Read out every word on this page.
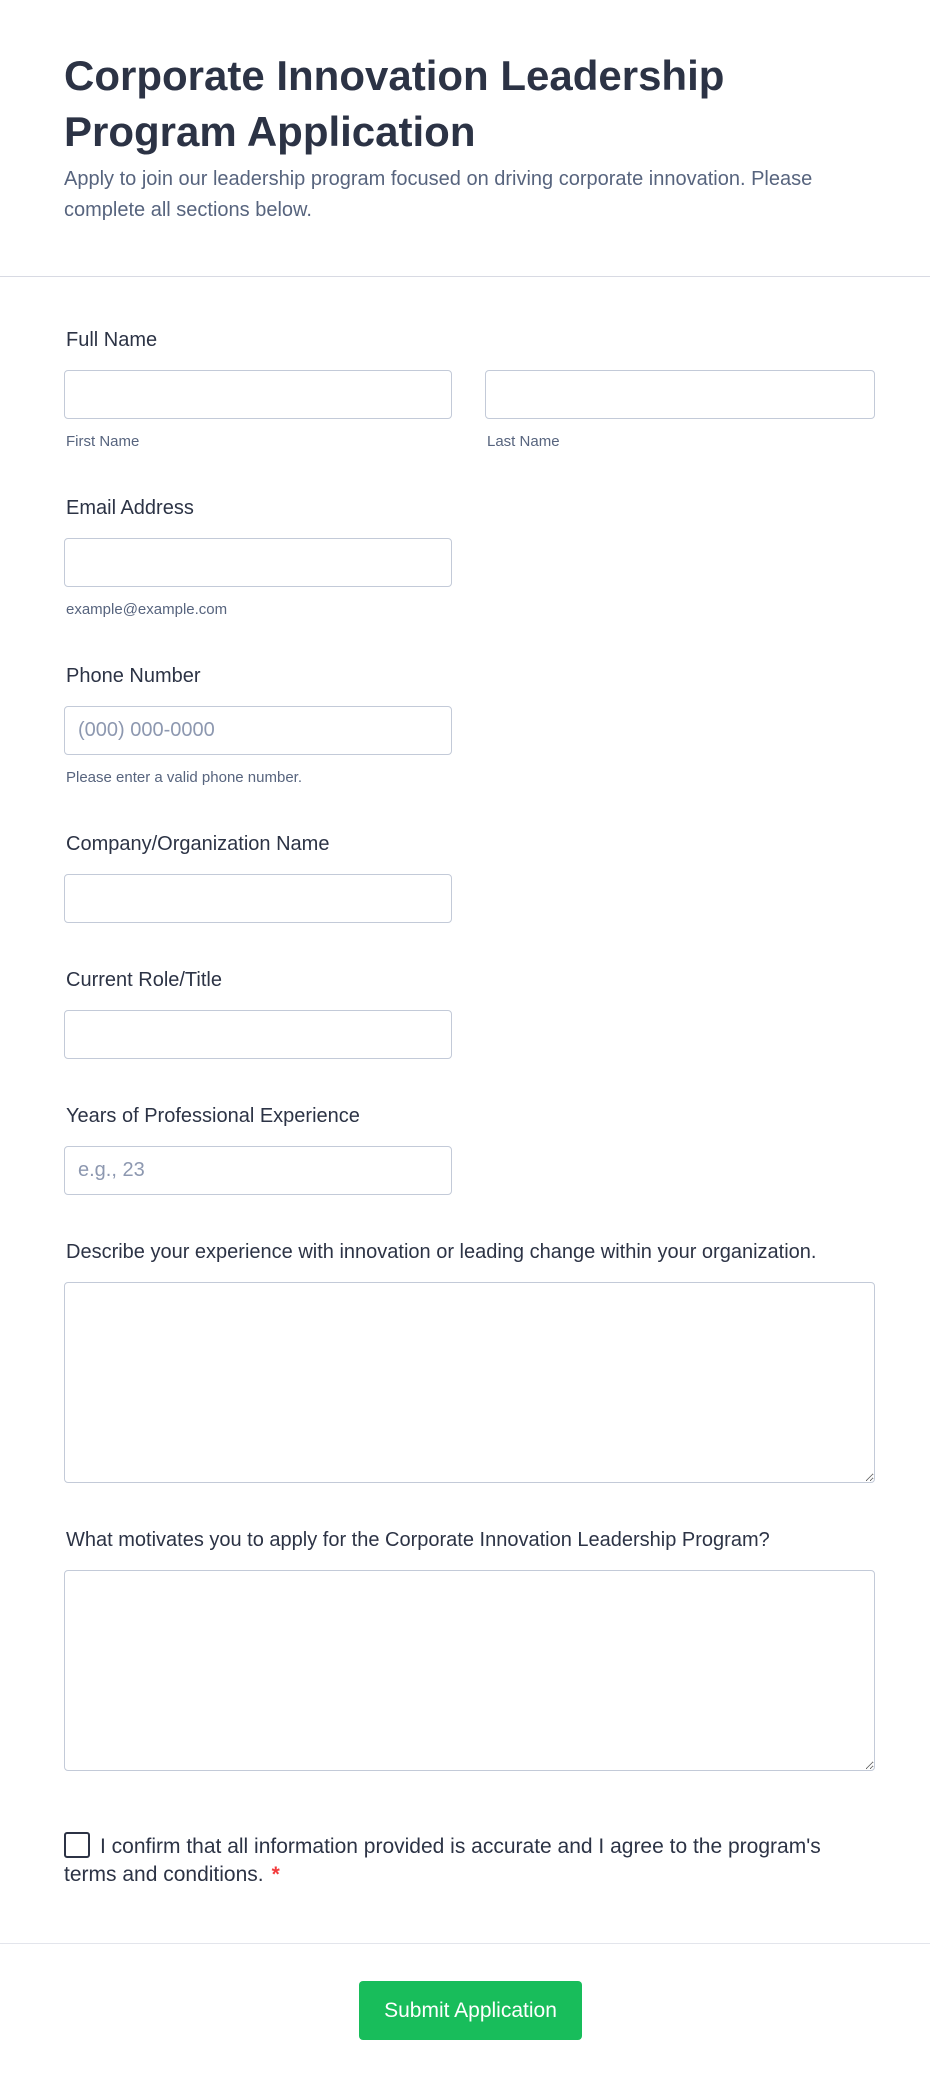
Corporate Innovation Leadership Program Application

Apply to join our leadership program focused on driving corporate innovation. Please complete all sections below.

Full Name
First Name	Last Name
Email Address
example@example.com
Phone Number
(000) 000-0000
Please enter a valid phone number.
Company/Organization Name
Current Role/Title
Years of Professional Experience
e.g., 23
Describe your experience with innovation or leading change within your organization.
What motivates you to apply for the Corporate Innovation Leadership Program?
I confirm that all information provided is accurate and I agree to the program's terms and conditions. *
Submit Application
